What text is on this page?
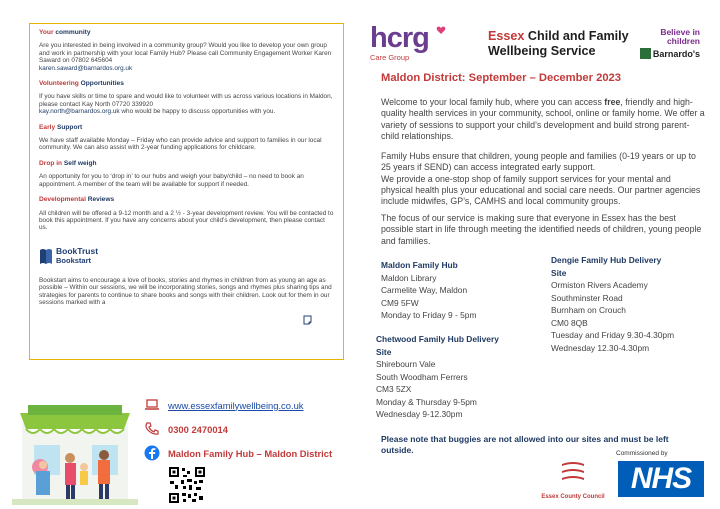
Your community
Are you interested in being involved in a community group? Would you like to develop your own group and work in partnership with your local Family Hub? Please call Community Engagement Worker Karen Saward on 07802 645604
karen.saward@barnardos.org.uk
Volunteering Opportunities
If you have skills or time to spare and would like to volunteer with us across various locations in Maldon, please contact Kay North 07720 339920
kay.north@barnardos.org.uk who would be happy to discuss opportunities with you.
Early Support
We have staff available Monday – Friday who can provide advice and support to families in our local community. We can also assist with 2-year funding applications for childcare.
Drop in Self weigh
An opportunity for you to ‘drop in’ to our hubs and weigh your baby/child – no need to book an appointment. A member of the team will be available for support if needed.
Developmental Reviews
All children will be offered a 9-12 month and a 2 ½ - 3-year development review. You will be contacted to book this appointment. If you have any concerns about your child’s development, then please contact us.
BookTrust
Bookstart
Bookstart aims to encourage a love of books, stories and rhymes in children from as young an age as possible – Within our sessions, we will be incorporating stories, songs and rhymes plus sharing tips and strategies for parents to continue to share books and songs with their children. Look out for them in our sessions marked with a
www.essexfamilywellbeing.co.uk
0300 2470014
Maldon Family Hub – Maldon District
hcrg
Care Group
Essex Child and Family
Wellbeing Service
Believe in
children
Barnardo's
Maldon District: September – December 2023
Welcome to your local family hub, where you can access free, friendly and high-quality health services in your community, school, online or family home. We offer a variety of sessions to support your child’s development and build strong parent-child relationships.
Family Hubs ensure that children, young people and families (0-19 years or up to 25 years if SEND) can access integrated early support.
We provide a one-stop shop of family support services for your mental and physical health plus your educational and social care needs. Our partner agencies include midwifes, GP’s, CAMHS and local community groups.
The focus of our service is making sure that everyone in Essex has the best possible start in life through meeting the identified needs of children, young people and families.
Maldon Family Hub
Maldon Library
Carmelite Way, Maldon
CM9 5FW
Monday to Friday 9 - 5pm
Chetwood Family Hub Delivery
Site
Shirebourn Vale
South Woodham Ferrers
CM3 5ZX
Monday & Thursday 9-5pm
Wednesday 9-12.30pm
Dengie Family Hub Delivery
Site
Ormiston Rivers Academy
Southminster Road
Burnham on Crouch
CM0 8QB
Tuesday and Friday 9.30-4.30pm
Wednesday 12.30-4.30pm
Please note that buggies are not allowed into our sites and must be left outside.
Essex County Council
Commissioned by
NHS
